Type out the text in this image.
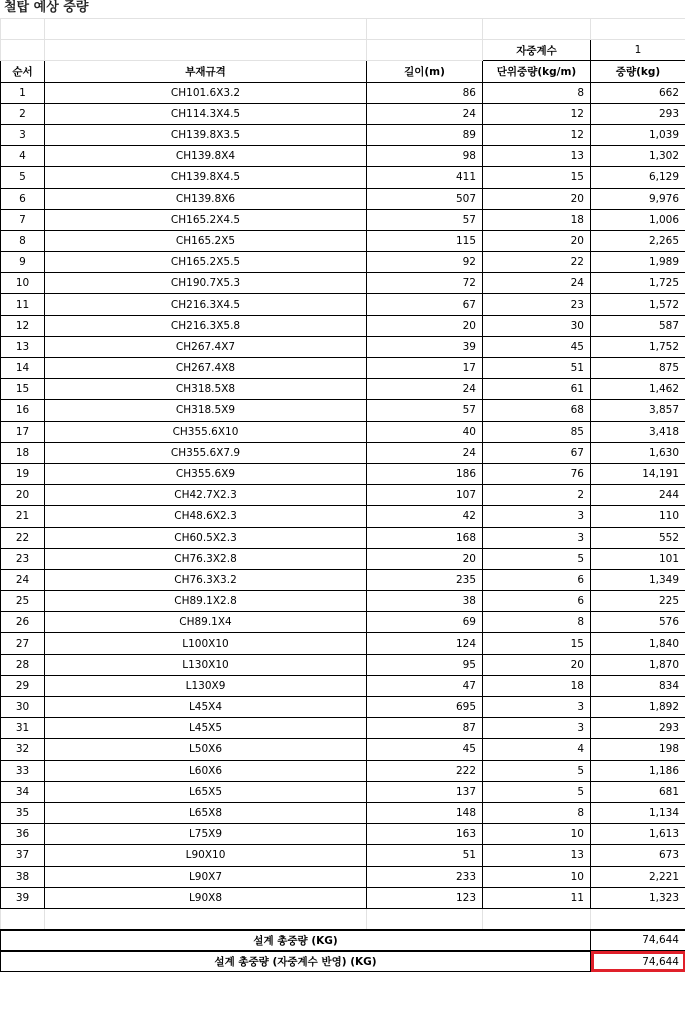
철탑 예상 중량

			자중계수	1
순서	부재규격	길이(m)	단위중량(kg/m)	중량(kg)
1	CH101.6X3.2	86	8	662
2	CH114.3X4.5	24	12	293
3	CH139.8X3.5	89	12	1,039
4	CH139.8X4	98	13	1,302
5	CH139.8X4.5	411	15	6,129
6	CH139.8X6	507	20	9,976
7	CH165.2X4.5	57	18	1,006
8	CH165.2X5	115	20	2,265
9	CH165.2X5.5	92	22	1,989
10	CH190.7X5.3	72	24	1,725
11	CH216.3X4.5	67	23	1,572
12	CH216.3X5.8	20	30	587
13	CH267.4X7	39	45	1,752
14	CH267.4X8	17	51	875
15	CH318.5X8	24	61	1,462
16	CH318.5X9	57	68	3,857
17	CH355.6X10	40	85	3,418
18	CH355.6X7.9	24	67	1,630
19	CH355.6X9	186	76	14,191
20	CH42.7X2.3	107	2	244
21	CH48.6X2.3	42	3	110
22	CH60.5X2.3	168	3	552
23	CH76.3X2.8	20	5	101
24	CH76.3X3.2	235	6	1,349
25	CH89.1X2.8	38	6	225
26	CH89.1X4	69	8	576
27	L100X10	124	15	1,840
28	L130X10	95	20	1,870
29	L130X9	47	18	834
30	L45X4	695	3	1,892
31	L45X5	87	3	293
32	L50X6	45	4	198
33	L60X6	222	5	1,186
34	L65X5	137	5	681
35	L65X8	148	8	1,134
36	L75X9	163	10	1,613
37	L90X10	51	13	673
38	L90X7	233	10	2,221
39	L90X8	123	11	1,323

설계 총중량 (KG)				74,644
설계 총중량 (자중계수 반영) (KG)				74,644
